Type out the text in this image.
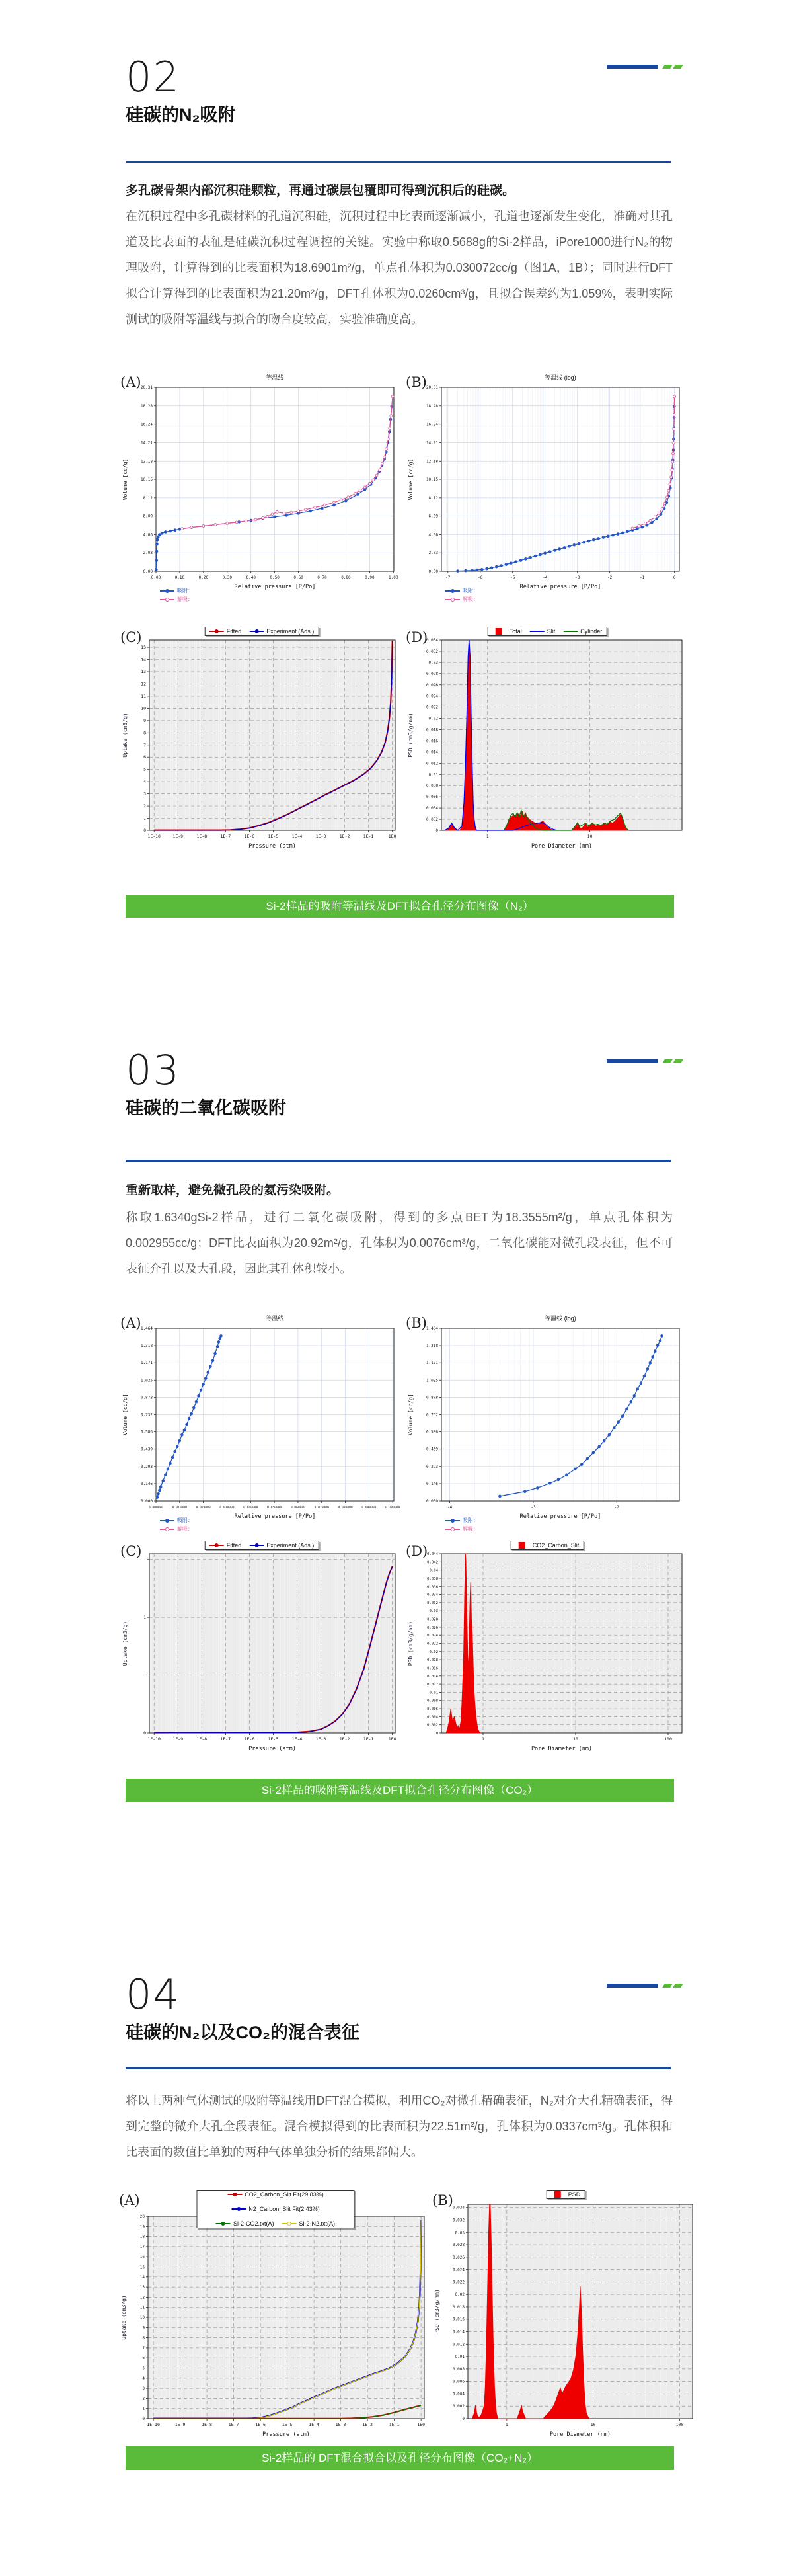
02
硅碳的N₂吸附
多孔碳骨架内部沉积硅颗粒，再通过碳层包覆即可得到沉积后的硅碳。
在沉积过程中多孔碳材料的孔道沉积硅，沉积过程中比表面逐渐减小，孔道也逐渐发生变化，准确对其孔道及比表面的表征是硅碳沉积过程调控的关键。实验中称取0.5688g的Si-2样品，iPore1000进行N₂的物理吸附，计算得到的比表面积为18.6901m²/g，单点孔体积为0.030072cc/g（图1A，1B）；同时进行DFT拟合计算得到的比表面积为21.20m²/g，DFT孔体积为0.0260cm³/g，且拟合误差约为1.059%，表明实际测试的吸附等温线与拟合的吻合度较高，实验准确度高。
0.00	0.10	0.20	0.30	0.40	0.50	0.60	0.70	0.80	0.90	1.00
0.00
2.03
4.06
6.09
8.12
10.15
12.18
14.21
16.24
18.28
20.31
等温线
Relative pressure [P/Po]
Volume [cc/g]
(A)
吸附：
解吸：
-7	-6	-5	-4	-3	-2	-1	0
0.00
2.03
4.06
6.09
8.12
10.15
12.18
14.21
16.24
18.28
20.31
等温线 (log)
Relative pressure [P/Po]
Volume [cc/g]
(B)
吸附：
解吸：
1E-10	1E-9	1E-8	1E-7	1E-6	1E-5	1E-4	1E-3	1E-2	1E-1	1E0
0
1
2
3
4
5
6
7
8
9
10
11
12
13
14
15
Pressure (atm)
Uptake (cm3/g)
(C)	Fitted	Experiment (Ads.)
1	10
0
0.002
0.004
0.006
0.008
0.01
0.012
0.014
0.016
0.018
0.02
0.022
0.024
0.026
0.028
0.03
0.032
0.034
Pore Diameter (nm)
PSD (cm3/g/nm)
(D)	Total	Slit	Cylinder
Si-2样品的吸附等温线及DFT拟合孔径分布图像（N₂）
03
硅碳的二氧化碳吸附
重新取样，避免微孔段的氦污染吸附。
称取1.6340gSi-2样品，进行二氧化碳吸附，得到的多点BET为18.3555m²/g，单点孔体积为0.002955cc/g；DFT比表面积为20.92m²/g，孔体积为0.0076cm³/g，二氧化碳能对微孔段表征，但不可表征介孔以及大孔段，因此其孔体积较小。
0.000000	0.010000	0.020000	0.030000	0.040000	0.050000	0.060000	0.070000	0.080000	0.090000	0.100000
0.000
0.146
0.293
0.439
0.586
0.732
0.878
1.025
1.171
1.318
1.464
等温线
Relative pressure [P/Po]
Volume [cc/g]
(A)
吸附：
解吸：
-4	-3	-2
0.000
0.146
0.293
0.439
0.586
0.732
0.878
1.025
1.171
1.318
1.464
等温线 (log)
Relative pressure [P/Po]
Volume [cc/g]
(B)
吸附：
解吸：
1E-10	1E-9	1E-8	1E-7	1E-6	1E-5	1E-4	1E-3	1E-2	1E-1	1E0
0
1
Pressure (atm)
Uptake (cm3/g)
(C)	Fitted	Experiment (Ads.)
1	10	100
0
0.002
0.004
0.006
0.008
0.01
0.012
0.014
0.016
0.018
0.02
0.022
0.024
0.026
0.028
0.03
0.032
0.034
0.036
0.038
0.04
0.042
0.044
Pore Diameter (nm)
PSD (cm3/g/nm)
(D)	CO2_Carbon_Slit
Si-2样品的吸附等温线及DFT拟合孔径分布图像（CO₂）
04
硅碳的N₂以及CO₂的混合表征
将以上两种气体测试的吸附等温线用DFT混合模拟，利用CO₂对微孔精确表征，N₂对介大孔精确表征，得到完整的微介大孔全段表征。混合模拟得到的比表面积为22.51m²/g，孔体积为0.0337cm³/g。孔体积和比表面的数值比单独的两种气体单独分析的结果都偏大。
1E-10	1E-9	1E-8	1E-7	1E-6	1E-5	1E-4	1E-3	1E-2	1E-1	1E0
0
1
2
3
4
5
6
7
8
9
10
11
12
13
14
15
16
17
18
19
20
Pressure (atm)
Uptake (cm3/g)
(A)	CO2_Carbon_Slit Fit(29.83%)
N2_Carbon_Slit Fit(2.43%)
Si-2-CO2.txt(A)	Si-2-N2.txt(A)
1	10	100
0
0.002
0.004
0.006
0.008
0.01
0.012
0.014
0.016
0.018
0.02
0.022
0.024
0.026
0.028
0.03
0.032
0.034
Pore Diameter (nm)
PSD (cm3/g/nm)
(B)	PSD
Si-2样品的 DFT混合拟合以及孔径分布图像（CO₂+N₂）
